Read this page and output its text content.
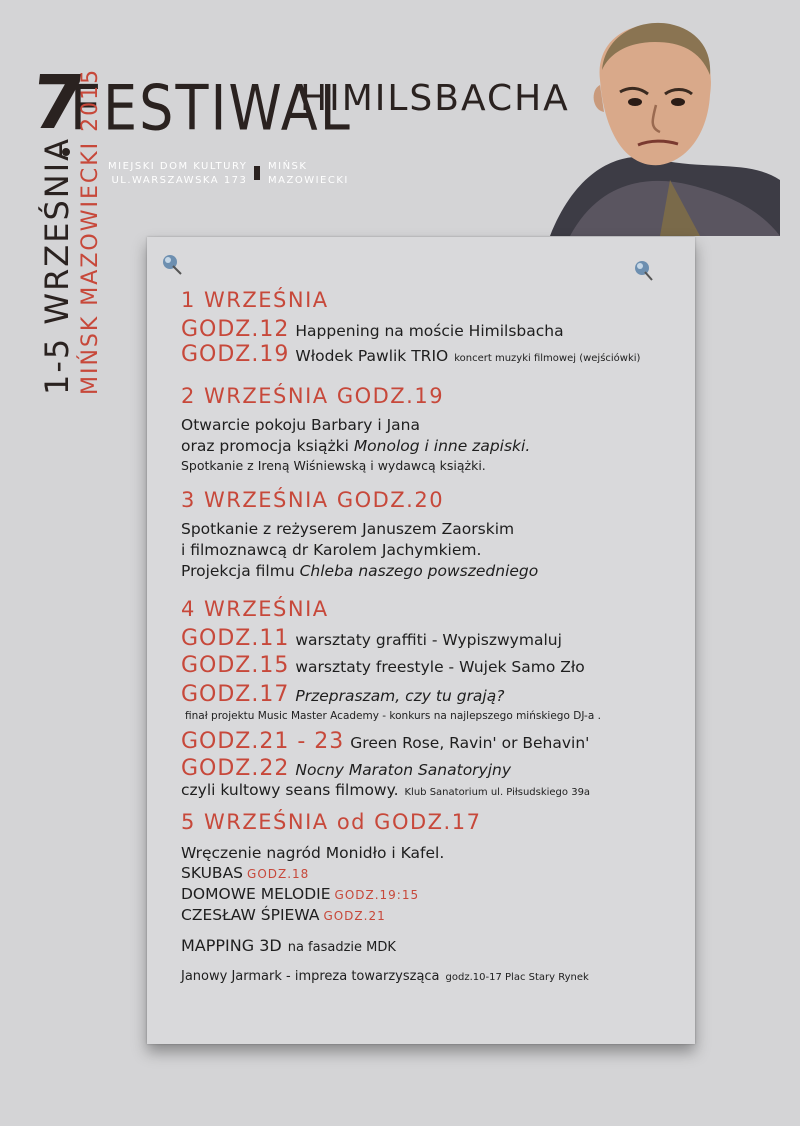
7
FESTIWAL
HIMILSBACHA
MIEJSKI DOM KULTURY
UL.WARSZAWSKA 173
MIŃSK
MAZOWIECKI
1-5 WRZEŚNIA MIŃSK MAZOWIECKI 2015	1 WRZEŚNIA
GODZ.12 Happening na moście Himilsbacha
GODZ.19 Włodek Pawlik TRIO koncert muzyki filmowej (wejściówki)
2 WRZEŚNIA GODZ.19
Otwarcie pokoju Barbary i Jana
oraz promocja książki Monolog i inne zapiski.
Spotkanie z Ireną Wiśniewską i wydawcą książki.
3 WRZEŚNIA GODZ.20
Spotkanie z reżyserem Januszem Zaorskim
i filmoznawcą dr Karolem Jachymkiem.
Projekcja filmu Chleba naszego powszedniego
4 WRZEŚNIA
GODZ.11 warsztaty graffiti - Wypiszwymaluj
GODZ.15 warsztaty freestyle - Wujek Samo Zło
GODZ.17 Przepraszam, czy tu grają?
finał projektu Music Master Academy - konkurs na najlepszego mińskiego DJ-a .
GODZ.21 - 23 Green Rose, Ravin' or Behavin'
GODZ.22 Nocny Maraton Sanatoryjny
czyli kultowy seans filmowy. Klub Sanatorium ul. Piłsudskiego 39a
5 WRZEŚNIA od GODZ.17
Wręczenie nagród Monidło i Kafel.
SKUBAS GODZ.18
DOMOWE MELODIE GODZ.19:15
CZESŁAW ŚPIEWA GODZ.21
MAPPING 3D na fasadzie MDK
Janowy Jarmark - impreza towarzysząca godz.10-17 Plac Stary Rynek
